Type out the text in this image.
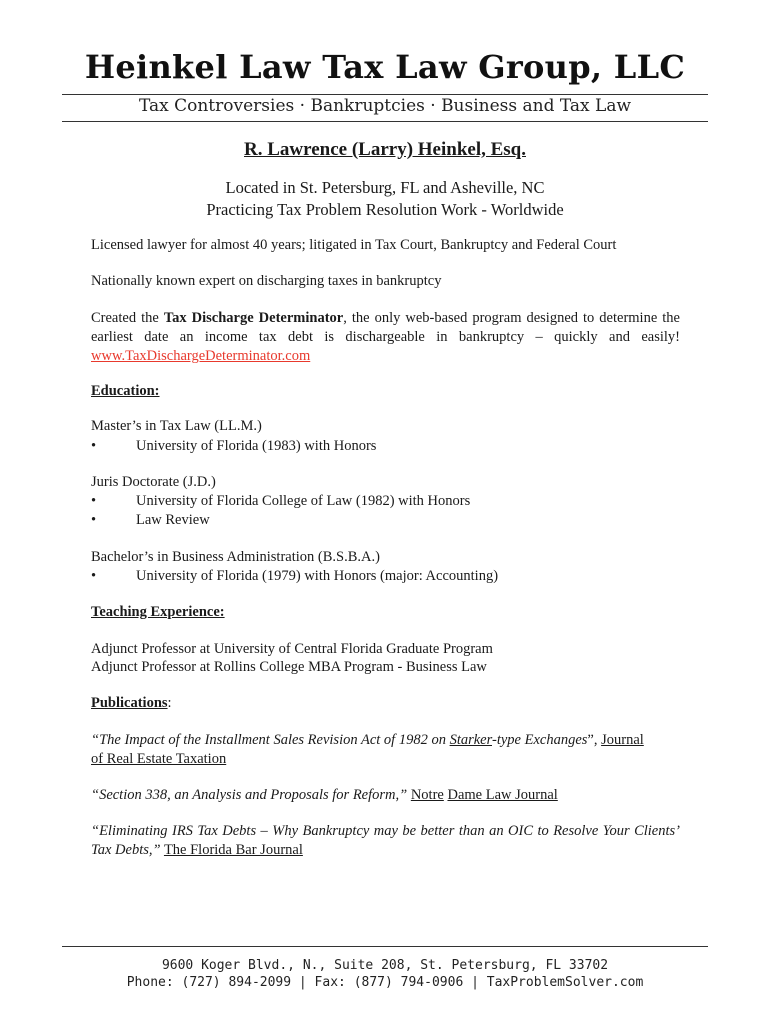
Heinkel Law Tax Law Group, LLC
Tax Controversies · Bankruptcies · Business and Tax Law
R. Lawrence (Larry) Heinkel, Esq.
Located in St. Petersburg, FL and Asheville, NC
Practicing Tax Problem Resolution Work - Worldwide
Licensed lawyer for almost 40 years; litigated in Tax Court, Bankruptcy and Federal Court
Nationally known expert on discharging taxes in bankruptcy
Created the Tax Discharge Determinator, the only web-based program designed to determine the earliest date an income tax debt is dischargeable in bankruptcy – quickly and easily! www.TaxDischargeDeterminator.com
Education:
Master’s in Tax Law (LL.M.)
•	University of Florida (1983) with Honors
Juris Doctorate (J.D.)
•	University of Florida College of Law (1982) with Honors
•	Law Review
Bachelor’s in Business Administration (B.S.B.A.)
•	University of Florida (1979) with Honors (major: Accounting)
Teaching Experience:
Adjunct Professor at University of Central Florida Graduate Program
Adjunct Professor at Rollins College MBA Program - Business Law
Publications:
“The Impact of the Installment Sales Revision Act of 1982 on Starker-type Exchanges”, Journal
of Real Estate Taxation
“Section 338, an Analysis and Proposals for Reform,” Notre Dame Law Journal
“Eliminating IRS Tax Debts – Why Bankruptcy may be better than an OIC to Resolve Your Clients’ Tax Debts,” The Florida Bar Journal
9600 Koger Blvd., N., Suite 208, St. Petersburg, FL 33702
Phone: (727) 894-2099 | Fax: (877) 794-0906 | TaxProblemSolver.com
